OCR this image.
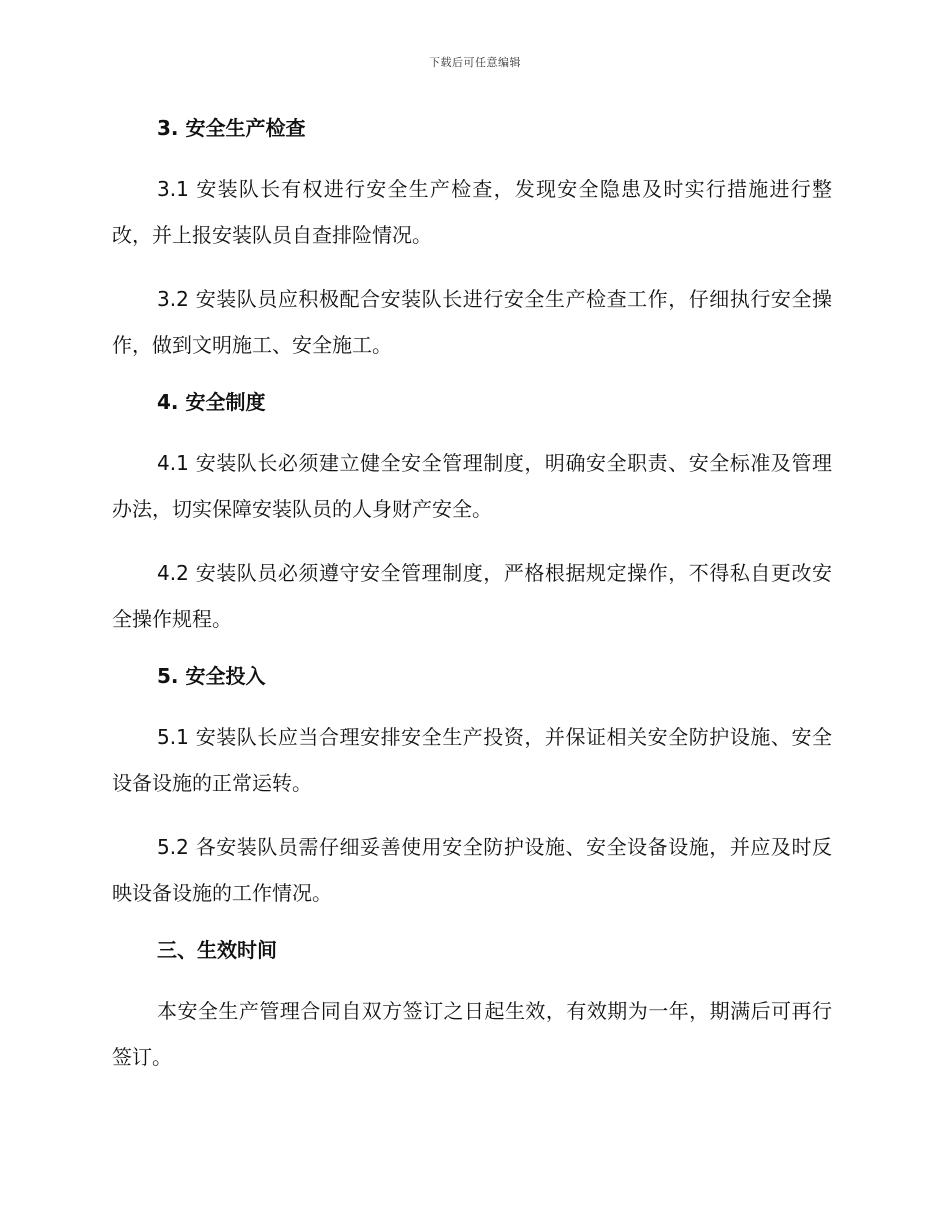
下载后可任意编辑
3. 安全生产检查

3.1 安装队长有权进行安全生产检查，发现安全隐患及时实行措施进行整改，并上报安装队员自查排险情况。

3.2 安装队员应积极配合安装队长进行安全生产检查工作，仔细执行安全操作，做到文明施工、安全施工。

4. 安全制度

4.1 安装队长必须建立健全安全管理制度，明确安全职责、安全标准及管理办法，切实保障安装队员的人身财产安全。

4.2 安装队员必须遵守安全管理制度，严格根据规定操作，不得私自更改安全操作规程。

5. 安全投入

5.1 安装队长应当合理安排安全生产投资，并保证相关安全防护设施、安全设备设施的正常运转。

5.2 各安装队员需仔细妥善使用安全防护设施、安全设备设施，并应及时反映设备设施的工作情况。

三、生效时间

本安全生产管理合同自双方签订之日起生效，有效期为一年，期满后可再行签订。
